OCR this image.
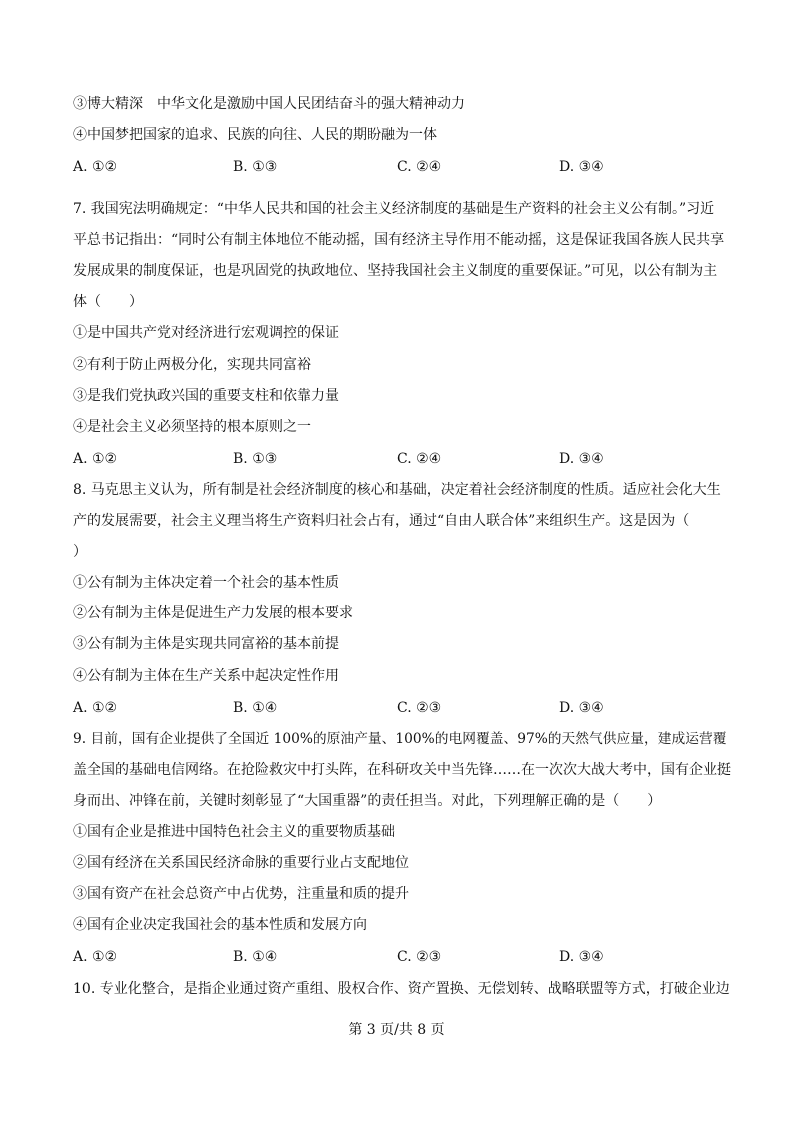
③博大精深　中华文化是激励中国人民团结奋斗的强大精神动力
④中国梦把国家的追求、民族的向往、人民的期盼融为一体
A. ①②	B. ①③	C. ②④	D. ③④
7. 我国宪法明确规定：“中华人民共和国的社会主义经济制度的基础是生产资料的社会主义公有制。”习近
平总书记指出：“同时公有制主体地位不能动摇，国有经济主导作用不能动摇，这是保证我国各族人民共享
发展成果的制度保证，也是巩固党的执政地位、坚持我国社会主义制度的重要保证。”可见，以公有制为主
体（　　）
①是中国共产党对经济进行宏观调控的保证
②有利于防止两极分化，实现共同富裕
③是我们党执政兴国的重要支柱和依靠力量
④是社会主义必须坚持的根本原则之一
A. ①②	B. ①③	C. ②④	D. ③④
8. 马克思主义认为，所有制是社会经济制度的核心和基础，决定着社会经济制度的性质。适应社会化大生
产的发展需要，社会主义理当将生产资料归社会占有，通过“自由人联合体”来组织生产。这是因为（
）
①公有制为主体决定着一个社会的基本性质
②公有制为主体是促进生产力发展的根本要求
③公有制为主体是实现共同富裕的基本前提
④公有制为主体在生产关系中起决定性作用
A. ①②	B. ①④	C. ②③	D. ③④
9. 目前，国有企业提供了全国近 100%的原油产量、100%的电网覆盖、97%的天然气供应量，建成运营覆
盖全国的基础电信网络。在抢险救灾中打头阵，在科研攻关中当先锋……在一次次大战大考中，国有企业挺
身而出、冲锋在前，关键时刻彰显了“大国重器”的责任担当。对此，下列理解正确的是（　　）
①国有企业是推进中国特色社会主义的重要物质基础
②国有经济在关系国民经济命脉的重要行业占支配地位
③国有资产在社会总资产中占优势，注重量和质的提升
④国有企业决定我国社会的基本性质和发展方向
A. ①②	B. ①④	C. ②③	D. ③④
10. 专业化整合，是指企业通过资产重组、股权合作、资产置换、无偿划转、战略联盟等方式，打破企业边
第 3 页/共 8 页
